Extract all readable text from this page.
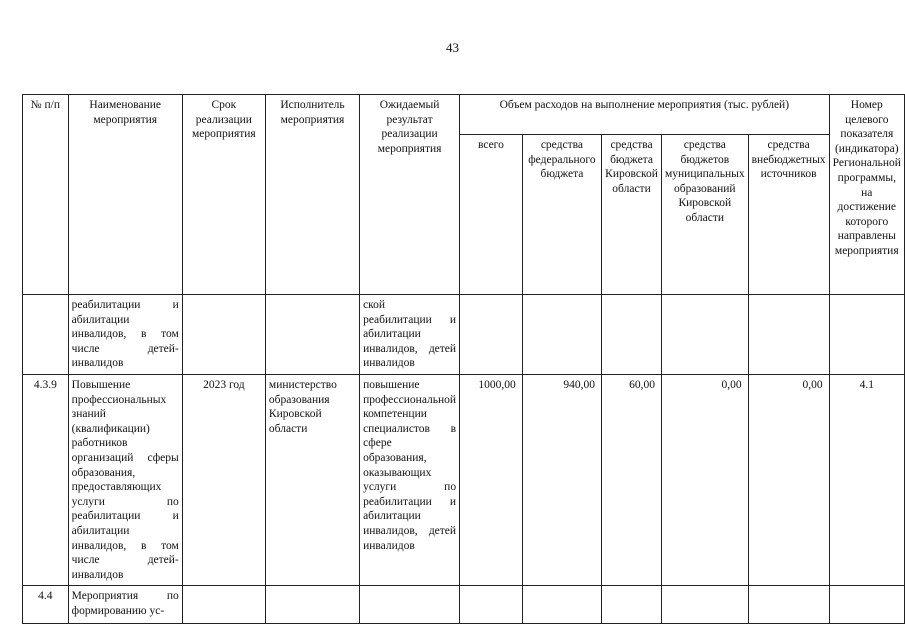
43
№ п/п	Наименование мероприятия	Срок реализации мероприятия	Исполнитель мероприятия	Ожидаемый результат реализации мероприятия	Объем расходов на выполнение мероприятия (тыс. рублей)					Номер целевого показателя (индикатора) Региональной программы, на достижение которого направлены мероприятия
					всего	средства федерального бюджета	средства бюджета Кировской области	средства бюджетов муниципальных образований Кировской области	средства внебюджетных источников	
	реабилитации и абилитации инвалидов, в том числе детей-инвалидов			ской реабилитации и абилитации инвалидов, детей инвалидов						
4.3.9	Повышение профессиональных знаний (квалификации) работников организаций сферы образования, предоставляющих услуги по реабилитации и абилитации инвалидов, в том числе детей-инвалидов	2023 год	министерство образования Кировской области	повышение профессиональной компетенции специалистов в сфере образования, оказывающих услуги по реабилитации и абилитации инвалидов, детей инвалидов	1000,00	940,00	60,00	0,00	0,00	4.1
4.4	Мероприятия по формированию ус-									
